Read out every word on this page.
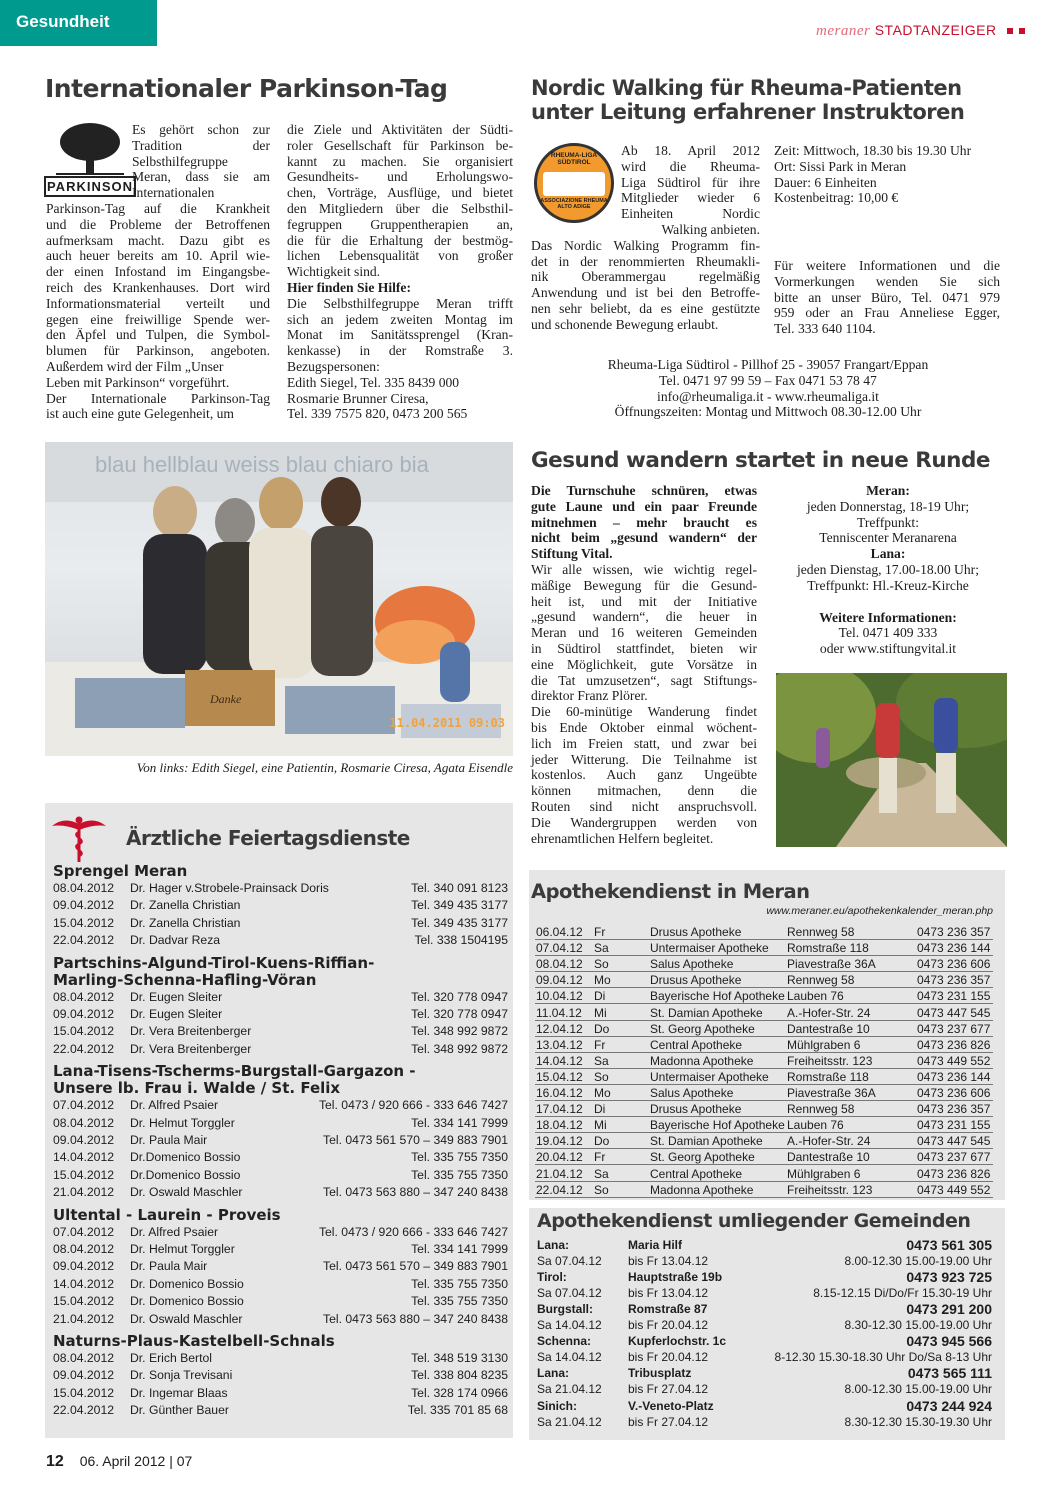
Gesundheit	meraner STADTANZEIGER
Internationaler Parkinson-Tag
PARKINSON
Es gehört schon zur
Tradition der
Selbsthilfegruppe
Meran, dass sie am
Internationalen
Parkinson-Tag auf die Krankheit
und die Probleme der Betroffenen
aufmerksam macht. Dazu gibt es
auch heuer bereits am 10. April wie-
der einen Infostand im Eingangsbe-
reich des Krankenhauses. Dort wird
Informationsmaterial verteilt und
gegen eine freiwillige Spende wer-
den Äpfel und Tulpen, die Symbol-
blumen für Parkinson, angeboten.
Außerdem wird der Film „Unser
Leben mit Parkinson“ vorgeführt.
Der Internationale Parkinson-Tag
ist auch eine gute Gelegenheit, um
die Ziele und Aktivitäten der Südti-
roler Gesellschaft für Parkinson be-
kannt zu machen. Sie organisiert
Gesundheits- und Erholungswo-
chen, Vorträge, Ausflüge, und bietet
den Mitgliedern über die Selbsthil-
fegruppen Gruppentherapien an,
die für die Erhaltung der bestmög-
lichen Lebensqualität von großer
Wichtigkeit sind.
Hier finden Sie Hilfe:
Die Selbsthilfegruppe Meran trifft
sich an jedem zweiten Montag im
Monat im Sanitätssprengel (Kran-
kenkasse) in der Romstraße 3.
Bezugspersonen:
Edith Siegel, Tel. 335 8439 000
Rosmarie Brunner Ciresa,
Tel. 339 7575 820, 0473 200 565
blau hellblau weiss blau chiaro bia
Danke
11.04.2011 09:03
Von links: Edith Siegel, eine Patientin, Rosmarie Ciresa, Agata Eisendle
Nordic Walking für Rheuma-Patienten
unter Leitung erfahrener Instruktoren
RHEUMA-LIGA SÜDTIROL
ASSOCIAZIONE RHEUMA ALTO ADIGE
Ab 18. April 2012
wird die Rheuma-
Liga Südtirol für ihre
Mitglieder wieder 6
Einheiten Nordic
Walking anbieten.
Das Nordic Walking Programm fin-
det in der renommierten Rheumakli-
nik Oberammergau regelmäßig
Anwendung und ist bei den Betroffe-
nen sehr beliebt, da es eine gestützte
und schonende Bewegung erlaubt.
Zeit: Mittwoch, 18.30 bis 19.30 Uhr
Ort: Sissi Park in Meran
Dauer: 6 Einheiten
Kostenbeitrag: 10,00 €
Für weitere Informationen und die
Vormerkungen wenden Sie sich
bitte an unser Büro, Tel. 0471 979
959 oder an Frau Anneliese Egger,
Tel. 333 640 1104.
Rheuma-Liga Südtirol - Pillhof 25 - 39057 Frangart/Eppan
Tel. 0471 97 99 59 – Fax 0471 53 78 47
info@rheumaliga.it - www.rheumaliga.it
Öffnungszeiten: Montag und Mittwoch 08.30-12.00 Uhr
Gesund wandern startet in neue Runde
Die Turnschuhe schnüren, etwas
gute Laune und ein paar Freunde
mitnehmen – mehr braucht es
nicht beim „gesund wandern“ der
Stiftung Vital.
Wir alle wissen, wie wichtig regel-
mäßige Bewegung für die Gesund-
heit ist, und mit der Initiative
„gesund wandern“, die heuer in
Meran und 16 weiteren Gemeinden
in Südtirol stattfindet, bieten wir
eine Möglichkeit, gute Vorsätze in
die Tat umzusetzen“, sagt Stiftungs-
direktor Franz Plörer.
Die 60-minütige Wanderung findet
bis Ende Oktober einmal wöchent-
lich im Freien statt, und zwar bei
jeder Witterung. Die Teilnahme ist
kostenlos. Auch ganz Ungeübte
können mitmachen, denn die
Routen sind nicht anspruchsvoll.
Die Wandergruppen werden von
ehrenamtlichen Helfern begleitet.
Meran:
jeden Donnerstag, 18-19 Uhr;
Treffpunkt:
Tenniscenter Meranarena
Lana:
jeden Dienstag, 17.00-18.00 Uhr;
Treffpunkt: Hl.-Kreuz-Kirche
Weitere Informationen:
Tel. 0471 409 333
oder www.stiftungvital.it
Ärztliche Feiertagsdienste
Sprengel Meran
08.04.2012 Dr. Hager v.Strobele-Prainsack Doris	Tel. 340 091 8123
09.04.2012 Dr. Zanella Christian	Tel. 349 435 3177
15.04.2012 Dr. Zanella Christian	Tel. 349 435 3177
22.04.2012 Dr. Dadvar Reza	Tel. 338 1504195
Partschins-Algund-Tirol-Kuens-Riffian-
Marling-Schenna-Hafling-Vöran
08.04.2012 Dr. Eugen Sleiter	Tel. 320 778 0947
09.04.2012 Dr. Eugen Sleiter	Tel. 320 778 0947
15.04.2012 Dr. Vera Breitenberger	Tel. 348 992 9872
22.04.2012 Dr. Vera Breitenberger	Tel. 348 992 9872
Lana-Tisens-Tscherms-Burgstall-Gargazon -
Unsere lb. Frau i. Walde / St. Felix
07.04.2012 Dr. Alfred Psaier	Tel. 0473 / 920 666 - 333 646 7427
08.04.2012 Dr. Helmut Torggler	Tel. 334 141 7999
09.04.2012 Dr. Paula Mair	Tel. 0473 561 570 – 349 883 7901
14.04.2012 Dr.Domenico Bossio	Tel. 335 755 7350
15.04.2012 Dr.Domenico Bossio	Tel. 335 755 7350
21.04.2012 Dr. Oswald Maschler	Tel. 0473 563 880 – 347 240 8438
Ultental - Laurein - Proveis
07.04.2012 Dr. Alfred Psaier	Tel. 0473 / 920 666 - 333 646 7427
08.04.2012 Dr. Helmut Torggler	Tel. 334 141 7999
09.04.2012 Dr. Paula Mair	Tel. 0473 561 570 – 349 883 7901
14.04.2012 Dr. Domenico Bossio	Tel. 335 755 7350
15.04.2012 Dr. Domenico Bossio	Tel. 335 755 7350
21.04.2012 Dr. Oswald Maschler	Tel. 0473 563 880 – 347 240 8438
Naturns-Plaus-Kastelbell-Schnals
08.04.2012 Dr. Erich Bertol	Tel. 348 519 3130
09.04.2012 Dr. Sonja Trevisani	Tel. 338 804 8235
15.04.2012 Dr. Ingemar Blaas	Tel. 328 174 0966
22.04.2012 Dr. Günther Bauer	Tel. 335 701 85 68
Apothekendienst in Meran
www.meraner.eu/apothekenkalender_meran.php
06.04.12 Fr	Drusus Apotheke	Rennweg 58	0473 236 357
07.04.12 Sa	Untermaiser Apotheke Romstraße 118	0473 236 144
08.04.12 So	Salus Apotheke	Piavestraße 36A	0473 236 606
09.04.12 Mo	Drusus Apotheke	Rennweg 58	0473 236 357
10.04.12 Di	Bayerische Hof Apotheke Lauben 76	0473 231 155
11.04.12 Mi	St. Damian Apotheke A.-Hofer-Str. 24	0473 447 545
12.04.12 Do	St. Georg Apotheke	Dantestraße 10	0473 237 677
13.04.12 Fr	Central Apotheke	Mühlgraben 6	0473 236 826
14.04.12 Sa	Madonna Apotheke	Freiheitsstr. 123	0473 449 552
15.04.12 So	Untermaiser Apotheke Romstraße 118	0473 236 144
16.04.12 Mo	Salus Apotheke	Piavestraße 36A	0473 236 606
17.04.12 Di	Drusus Apotheke	Rennweg 58	0473 236 357
18.04.12 Mi	Bayerische Hof Apotheke Lauben 76	0473 231 155
19.04.12 Do	St. Damian Apotheke A.-Hofer-Str. 24	0473 447 545
20.04.12 Fr	St. Georg Apotheke	Dantestraße 10	0473 237 677
21.04.12 Sa	Central Apotheke	Mühlgraben 6	0473 236 826
22.04.12 So	Madonna Apotheke	Freiheitsstr. 123	0473 449 552
Apothekendienst umliegender Gemeinden
Lana:	Maria Hilf	0473 561 305
Sa 07.04.12 bis Fr 13.04.12	8.00-12.30 15.00-19.00 Uhr
Tirol:	Hauptstraße 19b	0473 923 725
Sa 07.04.12 bis Fr 13.04.12	8.15-12.15 Di/Do/Fr 15.30-19 Uhr
Burgstall:	Romstraße 87	0473 291 200
Sa 14.04.12 bis Fr 20.04.12	8.30-12.30 15.00-19.00 Uhr
Schenna:	Kupferlochstr. 1c	0473 945 566
Sa 14.04.12 bis Fr 20.04.12	8-12.30 15.30-18.30 Uhr Do/Sa 8-13 Uhr
Lana:	Tribusplatz	0473 565 111
Sa 21.04.12 bis Fr 27.04.12	8.00-12.30 15.00-19.00 Uhr
Sinich:	V.-Veneto-Platz	0473 244 924
Sa 21.04.12 bis Fr 27.04.12	8.30-12.30 15.30-19.30 Uhr
12 06. April 2012 | 07
